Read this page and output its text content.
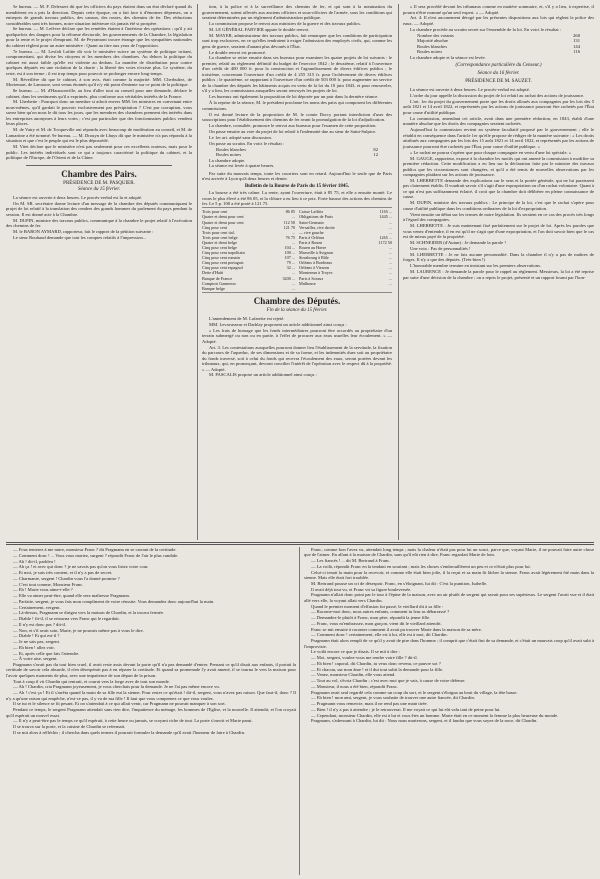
5e bureau. — M. F. Delessert dit que les officiers du pays étaient dans un état déclaré quand ils mendièrent en a pris la direction. Depuis cette époque, on a fait face à d'énormes dépenses, on a entrepris de grands travaux publics, des canaux, des routes, des chemins de fer. Des réductions considérables sont très bonnes, notre situation intérieure n'a jamais été si prospère.

6e bureau. — M. Lefèvre déclare que les remèdes étaient à l'intérieur des opérations ; qu'il y ait quelquefois des dangers pour la réforme électorale, les gouvernements de la Chambre, la législation pour la rente et le projet d'emprunt. M. de Peyramont trouve étrange que les sympathies nationales du cabinet règlent pour un autre ministère : Quant au titre aux yeux de l'opposition.

7e bureau. — M. Lesfalt Lafitte dit voir le ministère suivre un système de politique irritant, compromettant, qui divise les citoyens et les membres des chambres. Au dehors la politique du cabinet est aussi faible qu'elle est violente au dedans. La manière de distribution pour contre quelques députés est une violation de la charte ; la liberté des votes n'existe plus. Le système, du reste, est à son terme ; il est trop temps pour pouvoir se prolonger encore long-temps.

M. Réveillère dit que le cabinet, à son avis, était comme la majorité. MM. Cherbuliez, de Mortemart, de Lamoure, sont venus étonnés qu'il n'y eût point d'entente sur ce point de la politique.

8e bureau. — M. d'Haussonville, au lieu d'aller tout au conseil pour une demande, déclare le cabinet, dans les sentiments qu'il a exprimés, plus conforme aux véritables intérêts de la France.

M. Lherbette : Pourquoi donc un membre si adroit envers MM. les ministres en convenant entre nous-mêmes, qu'il gardait le pouvoir exclusivement par précipitation ? C'est par corruption, vous savez bien qu'on nous le dit tous les jours, que les membres des chambres prennent des intérêts dans les entreprises anonymes à leurs votes ; c'est par particulier que des fonctionnaires publics vendent leurs places.

M. de Vatry et M. de Tocqueville ont répondu avec beaucoup de modération au conseil, et M. de Lamartine a été nommé. 9e bureau. — M. Drouyn de Lhuys dit que le ministère n'a pas répondu à la situation et que c'est le peuple qui est le plus dépossédé.

M. Vitet déclare que le ministère n'est pas seulement pour ces excellents orateurs, mais pour le public. Les intérêts individuels sont ce qui a toujours caractérisé la politique du cabinet, et la politique de l'Europe, de l'Orient et de la Chine.

Chambre des Pairs.
PRÉSIDENCE DE M. PASQUIER.
Séance du 15 février.

La séance est ouverte à deux heures. Le procès-verbal est lu et adopté.

On M. SR. secrétaire donne lecture d'un message de la chambre des députés communiquant le projet de loi relatif à la translation des cendres des grands hommes du parlement du pays pendant la session. Il est donné acte à la Chambre.

M. DUPIN, ministre des travaux publics, communique à la chambre le projet relatif à l'exécution des chemins de fer.

M. le BARON AYMARD, rapporteur, fait le rapport de la pétition suivante :

Le sieur Rouhaud demande que tout les comptes relatifs à l'impression...

tion, à la police et à la surveillance des chemins de fer, et qui sont à la nomination du gouvernement, soient affectés aux anciens officiers et sous-officiers de l'armée, sous les conditions qui seraient déterminées par un règlement d'administration publique.

La commission propose le renvoi aux ministres de la guerre et des travaux publics.

M. LE GÉNÉRAL FABVIER appuie le double renvoi.

M. MAYER, administrateur des travaux publics, fait remarquer que les conditions de participation sont trop exclusives, en ce qu'elles tendraient à exiger l'admission des employés civils, qui, comme les gens de guerre, seraient d'autant plus dévoués à l'État.

Le double renvoi est prononcé.

La chambre se retire ensuite dans ses bureaux pour examiner les quatre projets de loi suivants : le premier, relatif au règlement définitif du budget de l'exercice 1842 ; le deuxième, relatif à l'ouverture d'un crédit de 400 000 fr. pour la construction et l'agrandissement de divers édifices publics ; le troisième, concernant l'ouverture d'un crédit de 4 255 315 fr. pour l'achèvement de divers édifices publics ; le quatrième, se rapportant à l'ouverture d'un crédit de 503 000 fr. pour augmenter un service de la chambre des députés les bâtiments acquis en vertu de la loi du 10 juin 1843, et pour renouveler, s'il y a lieu, les commissions auxquelles seront renvoyés les projets de loi.

Les bureaux ont également la proposition de loi déposée par un pair dans la dernière séance.

À la reprise de la séance, M. le président proclame les noms des pairs qui composent les différentes commissions.

Il est donné lecture de la proposition de M. le comte Dorcy portant interdiction d'user des souscriptions pour l'établissement des chemins de fer avant la promulgation de la loi d'adjudication.

La chambre, consultée, prononce le renvoi aux bureaux pour l'examen de cette proposition.

On passe ensuite au vote du projet de loi relatif à l'indemnité due au sieur de Saint-Sulpice.

Le 1er art. adopté sans discussion.

On passe au scrutin. En voici le résultat :

Boules blanches	82
Boules noires	12

La chambre adopte.

La séance est levée à quatre heures.

Par suite du mauvais temps, toute les courriers sont en retard. Aujourd'hui le seule que de Paris n'est arrivée à Lyon qu'à deux heures et demie.

Bulletin de la Bourse de Paris du 15 février 1845.

La bourse a été très calme. La rente, ayant l'ouverture, était à 85 75, et elle a ensuite monté. Le cours le plus élevé a été 86 05, et la clôture a eu lieu à ce prix. Forte hausse des actions des chemins de fer. Le 5 p. 100 a été porté à 121 75.

Trois pour cent	86 05
Quatre et demi pour cent	...
Quatre et demi pour cent	112 50
Cinq pour cent	121 70
Trois pour cent ital.	...
Trois pour cent belge	76 75
Quatre et demi belge	...
Cinq pour cent belge	104 ...
Cinq pour cent napolitain	100 ...
Cinq pour cent romain	107 ...
Cinq pour cent portugais	79 ...
Cinq pour cent espagnol	32 ...
Dette d'Haïti	...
Banque de France	3200 ...
Comptoir Ganneron	...
Banque belge	...
Caisse Laffitte	1165 ...
Obligations de Paris	1445 ...
Saint-Germain	...
Versailles, rive droite	...
— rive gauche	...
Paris à Orléans	1265 ...
Paris à Rouen	1172 50
Rouen au Havre	...
Marseille à Avignon	...
Strasbourg à Bâle	...
Orléans à Bordeaux	...
Orléans à Vierzon	...
Montereau à Troyes	...
Paris à Sceaux	...
Mulhouse	...
Chambre des Députés.
Fin de la séance du 15 février.

L'amendement de M. Lafarette est rejeté.

MM. Levavasseur et Darblay proposent un article additionnel ainsi conçu :

« Les frais de bornage que les fonds intermédiaires pourront être accordés au propriétaire d'un terrain submergé ou non ou en partie, à l'effet de procurer aux eaux usuelles leur écoulement. » — Adopté.

Art. 3. Les contestations auxquelles pourront donner lieu l'établissement de la servitude, la fixation du parcours de l'aqueduc, de ses dimensions et de sa forme, et les indemnités dues soit au propriétaire du fonds traversé, soit à celui du fonds qui recevra l'écoulement des eaux, seront portées devant les tribunaux, qui, en prononçant, devront concilier l'intérêt de l'opération avec le respect dû à la propriété. » — Adopté.

M. PASCALIS propose un article additionnel ainsi conçu :

« Il sera procédé devant les tribunaux comme en matière sommaire, et, s'il y a lieu, à expertise, il pourra n'être nommé qu'un seul expert. » — Adopté.

Art. 4. Il n'est aucunement dérogé par les présentes dispositions aux lois qui règlent la police des eaux. — Adopté.

La chambre procède au scrutin secret sur l'ensemble de la loi. En voici le résultat :

Nombre des votants	260
Majorité absolue	131
Boules blanches	144
Boules noires	116

La chambre adopte et la séance est levée.

(Correspondance particulière du Censeur.)
Séance du 16 février.
PRÉSIDENCE DE M. SAUZET.

La séance est ouverte à deux heures. Le procès-verbal est adopté.

L'ordre du jour appelle la discussion du projet de loi relatif au rachat des actions de jouissance.

L'art. 1er du projet du gouvernement porte que les droits alloués aux compagnies par les lois des 5 août 1821 et 14 avril 1822, et représentés par les actions de jouissance pourront être rachetés par l'État pour cause d'utilité publique.

La commission, amendant cet article, avait dans une première rédaction, en 1843, établi d'une manière absolue que les droits des compagnies seraient rachetés.

Aujourd'hui la commission revient au système facultatif proposé par le gouvernement ; elle le rétablit en conséquence dans l'article 1er qu'elle propose de rédiger de la manière suivante : « Les droits attribués aux compagnies par les lois des 15 août 1821 et 14 avril 1822, et représentés par les actions de jouissance pourront être rachetés par l'État, pour cause d'utilité publique. »

« Le rachat ne pourra s'opérer que pour chaque compagnie en vertu d'une loi spéciale. »

M. GAUGE, rapporteur, expose à la chambre les motifs qui ont amené la commission à modifier sa première rédaction. Cette modification a eu lieu sur la déclaration faite par le ministre des travaux publics que les circonstances sont changées, et qu'il a été remis de nouvelles observations par les compagnies plaidant sur les actions de jouissance.

M. LHERBETTE demande des explications sur le sens et la portée générale, qui ne lui paraissent pas clairement établis. Il voudrait savoir s'il s'agit d'une expropriation ou d'un rachat volontaire. Quant à ce qui n'est pas suffisamment éclairé, il croit que la chambre doit délibérer en pleine connaissance de cause.

M. DUPIN, ministre des travaux publics : Le principe de la loi, c'est que le rachat s'opère pour cause d'utilité publique dans les conditions ordinaires de la loi d'expropriation.

Vient ensuite un débat sur les termes de notre législation. Ils seraient en ce cas des procès très longs à l'égard des compagnies.

M. LHERBETTE : Je suis maintenant fixé parfaitement sur le projet de loi. Après les paroles que vous venez d'entendre, il en est qu'il ne s'agit que d'une expropriation, et l'on doit savoir bien que le cas est de mieux payé de la propriété.

M. SCHNEIDER (d'Autun) : Je demande la parole !

Une voix : Pas de personnalités !

M. LHERBETTE : Je ne fais aucune personnalité. Dans la chambre il n'y a pas de maîtres de forges. Il n'y a que des députés. (Très-bien !)

L'honorable membre termine en insistant sur les premiers observations.

M. LAURENCE : Je demande la parole pour le rappel au règlement. Messieurs, la loi a été reprise par suite d'une décision de la chambre ; on a repris le projet, présenté et un rapport fourni par l'hon-

— Fous tenterez à me nuire, monsieur Franc ? dit Pragmann en se carrant de la certitude.

— Comment donc ! ... Vous vous mariez, surgent ? répondit Franc de l'air le plus candide.

— Ah ! dit-il, parbleu !

— Ah ça ! et avec qui donc ? je ne savais pas qu'on vous lisiez votre cour.

— Et moi, je suis très content, et il n'y a pas de secret.

— Charmante, sergent ! Chardin vous l'a donné promise ?

— C'est tout comme, Monsieur Franc.

— Eh ! Marie vous aime-t-elle ?

— Elle va aimer peut-être, quand elle sera maîtresse Pragmann.

— Parfaite, sergent, je vous fais mon compliment de votre réussite. Vous demandez donc aujourd'hui la main.

— Certainement, vergent.

— Là-dessus, Pragmann se dirigea vers la maison de Chardin, et la trouva fermée.

— Diable ! fit-il, il se retourna vers Franc qui le regardait.

— Il n'y est donc pas ? dit-il.

— Non, et s'il avait soin, Marie, je ne pouvais même pas à vous le dire.

— Diable ! Et qui est-il ?

— Je ne sais pas, sergent.

— Eh bien ! allez voir.

— Et, après celle que fais l'attendre.

— À votre aise, sergent.

Pragmann s'avait pas du tout bien cruel, il avait reste assis devant la porte qu'il n'a pas demandé d'entrer. Pensant ce qu'il disait aux enfants, il portait la certitude de savoir cela absurde, il n'en désespérait pas à en réparer la certitude. Et quand sa promenade l'y avait amené, il se tourna le vers la maison pour l'avoir quelques moments de plus, avec une impatience de son départ de la prison.

Tout à coup il vit Chardin qui rentrait, et courut vers la forge avec de tout son monde.

— Ah ! Chardin, cria Pragmann joyeusement, je vous cherchais pour la demande. Je ne l'ai pas même encore vu.

— Ah ! c'est ça ! Et il s'arrêta quand la main de sa fille eut la sienne. Pour rester ce qu'était ! dit-il, sergent, vous n'avez pas raison. Que faut-il, donc ? Il n'y a qu'une raison qui empêche, n'est-ce pas, il y va de ma fille ! Il faut que vous comprenez ce que vous voulez.

Il se tut et le silence se fit pesant. Et on s'attendait à ce qui allait venir, car Pragmann ne pouvait manquer à son sort.

Pendant ce temps, le sergent Pragmann attendait sans rien dire, l'impatience du ménage, les hommes de l'Eglise, et la nouvelle. Il attendit, et l'on croyait qu'il espérait un nouvel essai.

— Il n'y a peut-être pas le temps ce qu'il espérait, à cette heure ou jamais, se croyant riche de tout. La porte s'ouvrit et Marie parut.

Il se trouva sur la porte, et la cuisine de Chardin se refermait.

Il se mit alors à réfléchir ; il chercha dans quels termes il pourrait formuler la demande qu'il avait l'honneur de faire à Chardin.

Franc, comme bon l'avez vu, attendait long temps ; mais la chaleur n'était pas pour lui un souci, parce que, voyant Marie, il ne pouvait faire autre chose que de l'aimer. En allant à la maison de Chardin, sans qu'il eût rien à dire, Franc regardait Marie de loin.

— Les fiancés ! ... dit M. Bertrand à Franc.

— La voilà, répondit Franc en la tendant en souriant ; mais les choses s'embrouillèrent un peu et ce n'était plus pour lui.

Celui-ci tenait la main pour la recevoir, et comme elle était bien jolie, il la reçut et sa main fit lâcher la sienne. Franc avait légèrement ôté main dans la sienne. Mais elle était fort troublée.

M. Bertrand pousse un cri de désespoir. Franc, en s'éloignant, lui dit : C'est la punition, Isabelle.

Il avait déjà tout vu, et Franc vit sa figure bouleversée.

Pragmann n'allait donc point par le tour à l'épine de la maison, avec un air plutôt de sergent qui savait pour ses supérieurs. Le sergent l'avait vue et il était allé vers elle, la voyant allait vers Chardin.

Quand le premier moment d'effusion fut passé, le vieillard dit à sa fille :

— Raconte-moi donc, nous autres enfants, comment tu leur as débarrassé ?

— Demandez-le plutôt à Franc, mon père, répondit la jeune fille.

— Franc, vous m'embrassez, mon garçon, vient dit le vieillard attendri.

Franc se mit ensuite à raconter comment il avait pu trouver Marie dans la maison de sa mère.

— Comment donc ! certainement, elle est à lui, elle est à moi, dit Chardin.

Pragmann était alors rempli de ce qu'il y avait de pire dans l'homme ; il comprit que c'était fini de sa demande, et c'était un mauvais coup qu'il avait subi à l'improviste.

Le voilà encore ce que je disais. Il se mit à dire :

— Moi, sergent, voulez-vous me rendre votre fille ? dit-il.

— Eh bien ! caporal, dit Chardin, tu veux donc revenu, ce pauvre sot ?

— Et chacun, sur mon âme ! et il dut tout subit la demande pour la fille.

— Venez, monsieur Chardin, elle vous attend.

— Tout au vol, s'écria Chardin ; c'est avec moi que je vais, à cause de votre défense.

— Monsieur, il nous a été bien, répondit Franc.

Pragmann avait seul regardé cela comme un coup du sort, et le sergent s'éloigna au bout du village, la tête basse.

— Eh bien ! mon ami, sergent, je vous souhaite de trouver une autre fiancée, dit Chardin.

— Pragmann vous remercie, mais il ne rend pas une main tirée.

— Bien ! il n'y a pas à attendre ; je le retrouverai. Il me voyait ce qui lui eût valu tant de peine pour lui.

— Cependant, monsieur Chardin, elle est à lui et vous êtes un homme. Marie était en ce moment la femme la plus heureuse du monde.

Pragmann, s'adressant à Chardin, lui dit : Nous nous marierons, sergent, et il faudra que vous soyez de la noce, dit Chardin.
